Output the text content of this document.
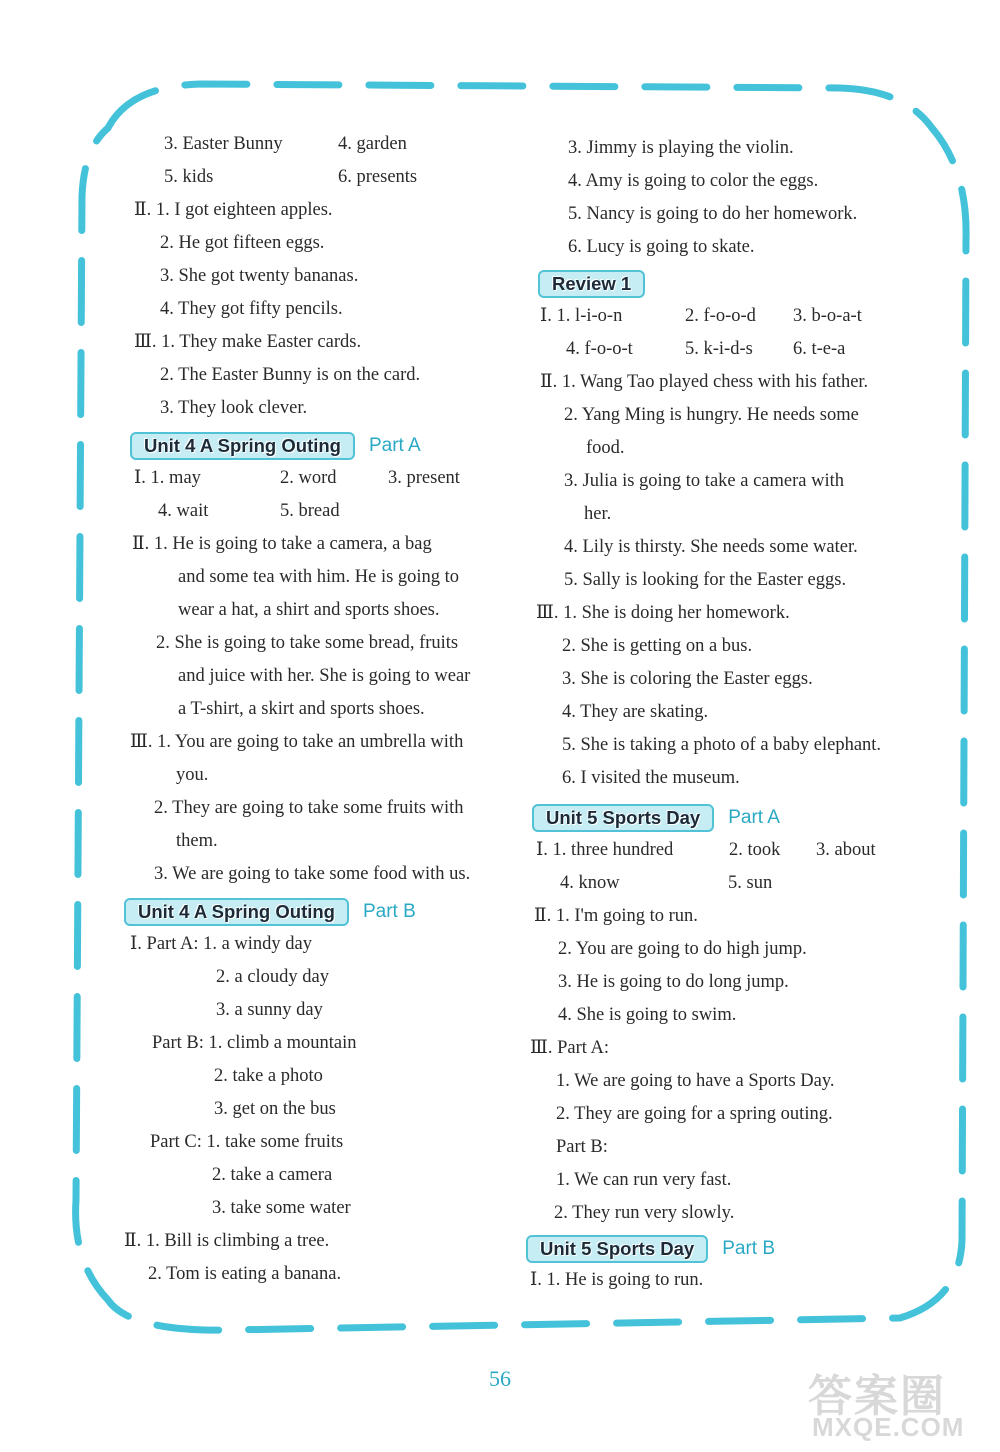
3. Easter Bunny	4. garden
5. kids	6. presents
Ⅱ. 1. I got eighteen apples.
2. He got fifteen eggs.
3. She got twenty bananas.
4. They got fifty pencils.
Ⅲ. 1. They make Easter cards.
2. The Easter Bunny is on the card.
3. They look clever.
Unit 4 A Spring Outing	Part A
Ⅰ. 1. may	2. word	3. present
4. wait	5. bread
Ⅱ. 1. He is going to take a camera, a bag
and some tea with him. He is going to
wear a hat, a shirt and sports shoes.
2. She is going to take some bread, fruits
and juice with her. She is going to wear
a T-shirt, a skirt and sports shoes.
Ⅲ. 1. You are going to take an umbrella with
you.
2. They are going to take some fruits with
them.
3. We are going to take some food with us.
Unit 4 A Spring Outing	Part B
Ⅰ. Part A: 1. a windy day
2. a cloudy day
3. a sunny day
Part B: 1. climb a mountain
2. take a photo
3. get on the bus
Part C: 1. take some fruits
2. take a camera
3. take some water
Ⅱ. 1. Bill is climbing a tree.
2. Tom is eating a banana.
3. Jimmy is playing the violin.
4. Amy is going to color the eggs.
5. Nancy is going to do her homework.
6. Lucy is going to skate.
Review 1
Ⅰ. 1. l-i-o-n	2. f-o-o-d 3. b-o-a-t
4. f-o-o-t	5. k-i-d-s 6. t-e-a
Ⅱ. 1. Wang Tao played chess with his father.
2. Yang Ming is hungry. He needs some
food.
3. Julia is going to take a camera with
her.
4. Lily is thirsty. She needs some water.
5. Sally is looking for the Easter eggs.
Ⅲ. 1. She is doing her homework.
2. She is getting on a bus.
3. She is coloring the Easter eggs.
4. They are skating.
5. She is taking a photo of a baby elephant.
6. I visited the museum.
Unit 5 Sports Day	Part A
Ⅰ. 1. three hundred	2. took 3. about
4. know	5. sun
Ⅱ. 1. I'm going to run.
2. You are going to do high jump.
3. He is going to do long jump.
4. She is going to swim.
Ⅲ. Part A:
1. We are going to have a Sports Day.
2. They are going for a spring outing.
Part B:
1. We can run very fast.
2. They run very slowly.
Unit 5 Sports Day	Part B
Ⅰ. 1. He is going to run.
56	答案圈
MXQE.COM
